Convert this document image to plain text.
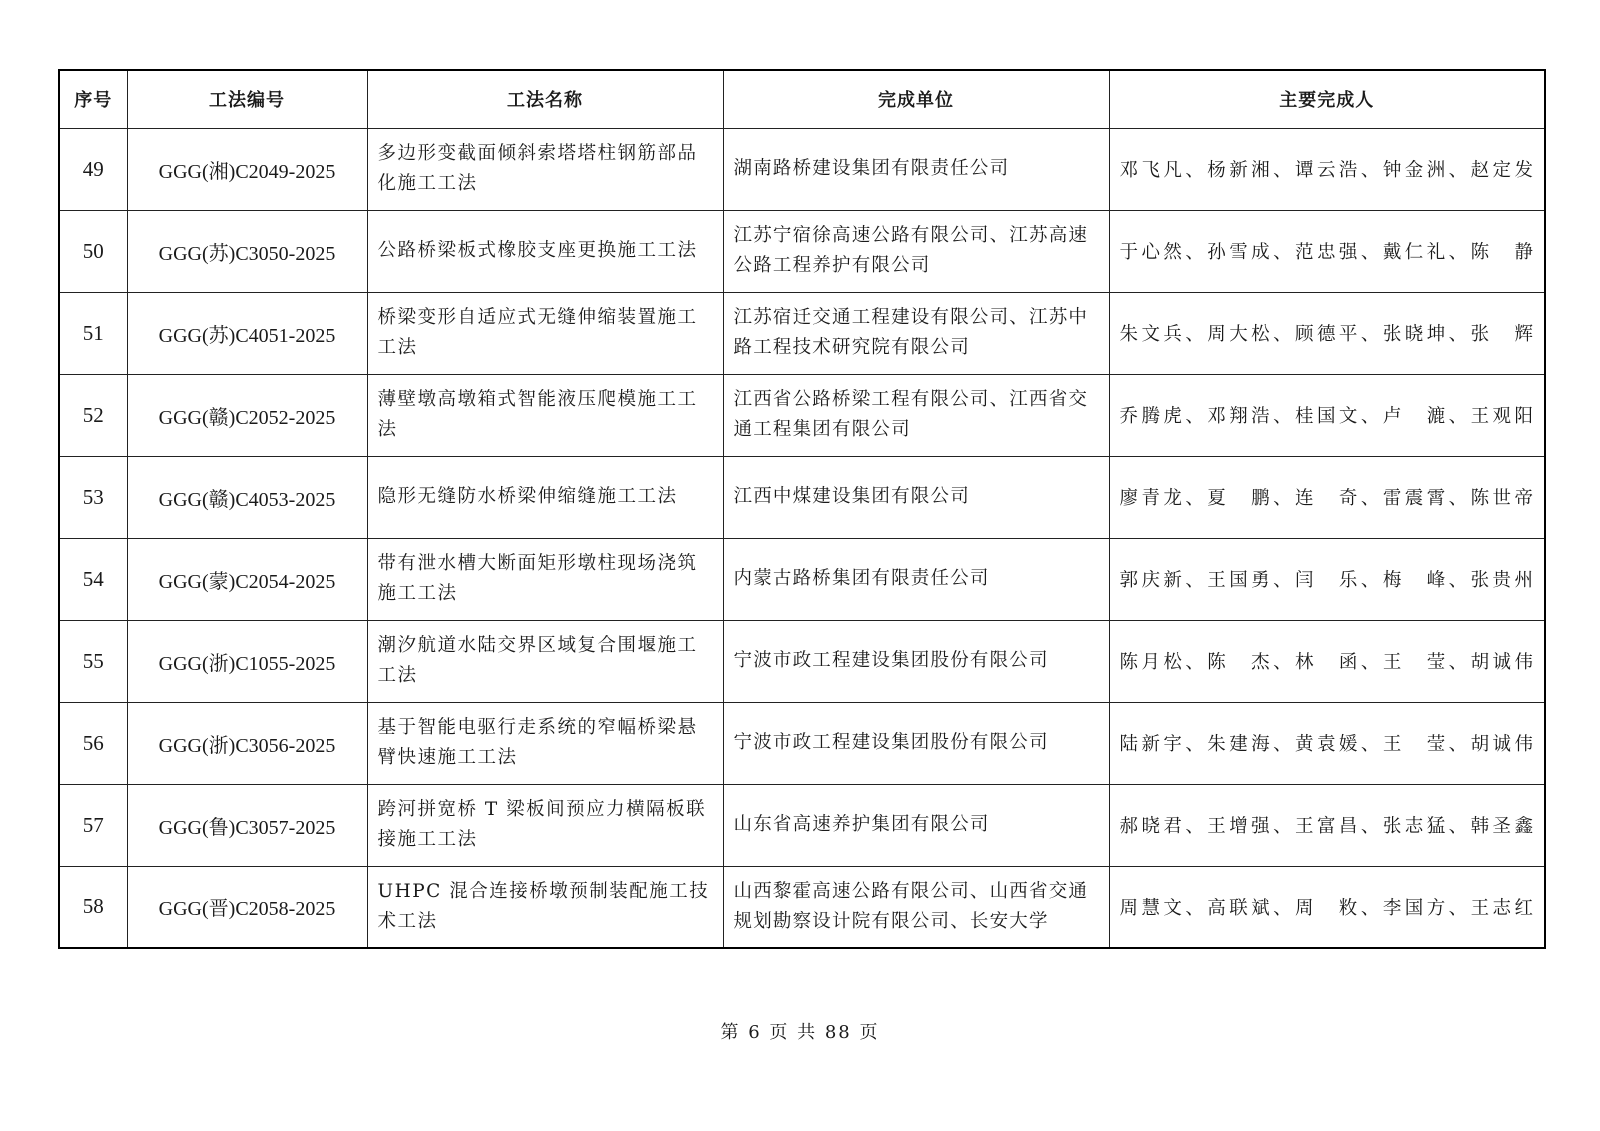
序号	工法编号	工法名称	完成单位	主要完成人
49	GGG(湘)C2049-2025	多边形变截面倾斜索塔塔柱钢筋部品化施工工法	湖南路桥建设集团有限责任公司	邓飞凡、杨新湘、谭云浩、钟金洲、赵定发
50	GGG(苏)C3050-2025	公路桥梁板式橡胶支座更换施工工法	江苏宁宿徐高速公路有限公司、江苏高速公路工程养护有限公司	于心然、孙雪成、范忠强、戴仁礼、陈　静
51	GGG(苏)C4051-2025	桥梁变形自适应式无缝伸缩装置施工工法	江苏宿迁交通工程建设有限公司、江苏中路工程技术研究院有限公司	朱文兵、周大松、顾德平、张晓坤、张　辉
52	GGG(赣)C2052-2025	薄壁墩高墩箱式智能液压爬模施工工法	江西省公路桥梁工程有限公司、江西省交通工程集团有限公司	乔腾虎、邓翔浩、桂国文、卢　漉、王观阳
53	GGG(赣)C4053-2025	隐形无缝防水桥梁伸缩缝施工工法	江西中煤建设集团有限公司	廖青龙、夏　鹏、连　奇、雷震霄、陈世帝
54	GGG(蒙)C2054-2025	带有泄水槽大断面矩形墩柱现场浇筑施工工法	内蒙古路桥集团有限责任公司	郭庆新、王国勇、闫　乐、梅　峰、张贵州
55	GGG(浙)C1055-2025	潮汐航道水陆交界区域复合围堰施工工法	宁波市政工程建设集团股份有限公司	陈月松、陈　杰、林　函、王　莹、胡诚伟
56	GGG(浙)C3056-2025	基于智能电驱行走系统的窄幅桥梁悬臂快速施工工法	宁波市政工程建设集团股份有限公司	陆新宇、朱建海、黄袁媛、王　莹、胡诚伟
57	GGG(鲁)C3057-2025	跨河拼宽桥 T 梁板间预应力横隔板联接施工工法	山东省高速养护集团有限公司	郝晓君、王增强、王富昌、张志猛、韩圣鑫
58	GGG(晋)C2058-2025	UHPC 混合连接桥墩预制装配施工技术工法	山西黎霍高速公路有限公司、山西省交通规划勘察设计院有限公司、长安大学	周慧文、高联斌、周　敉、李国方、王志红
第 6 页 共 88 页
